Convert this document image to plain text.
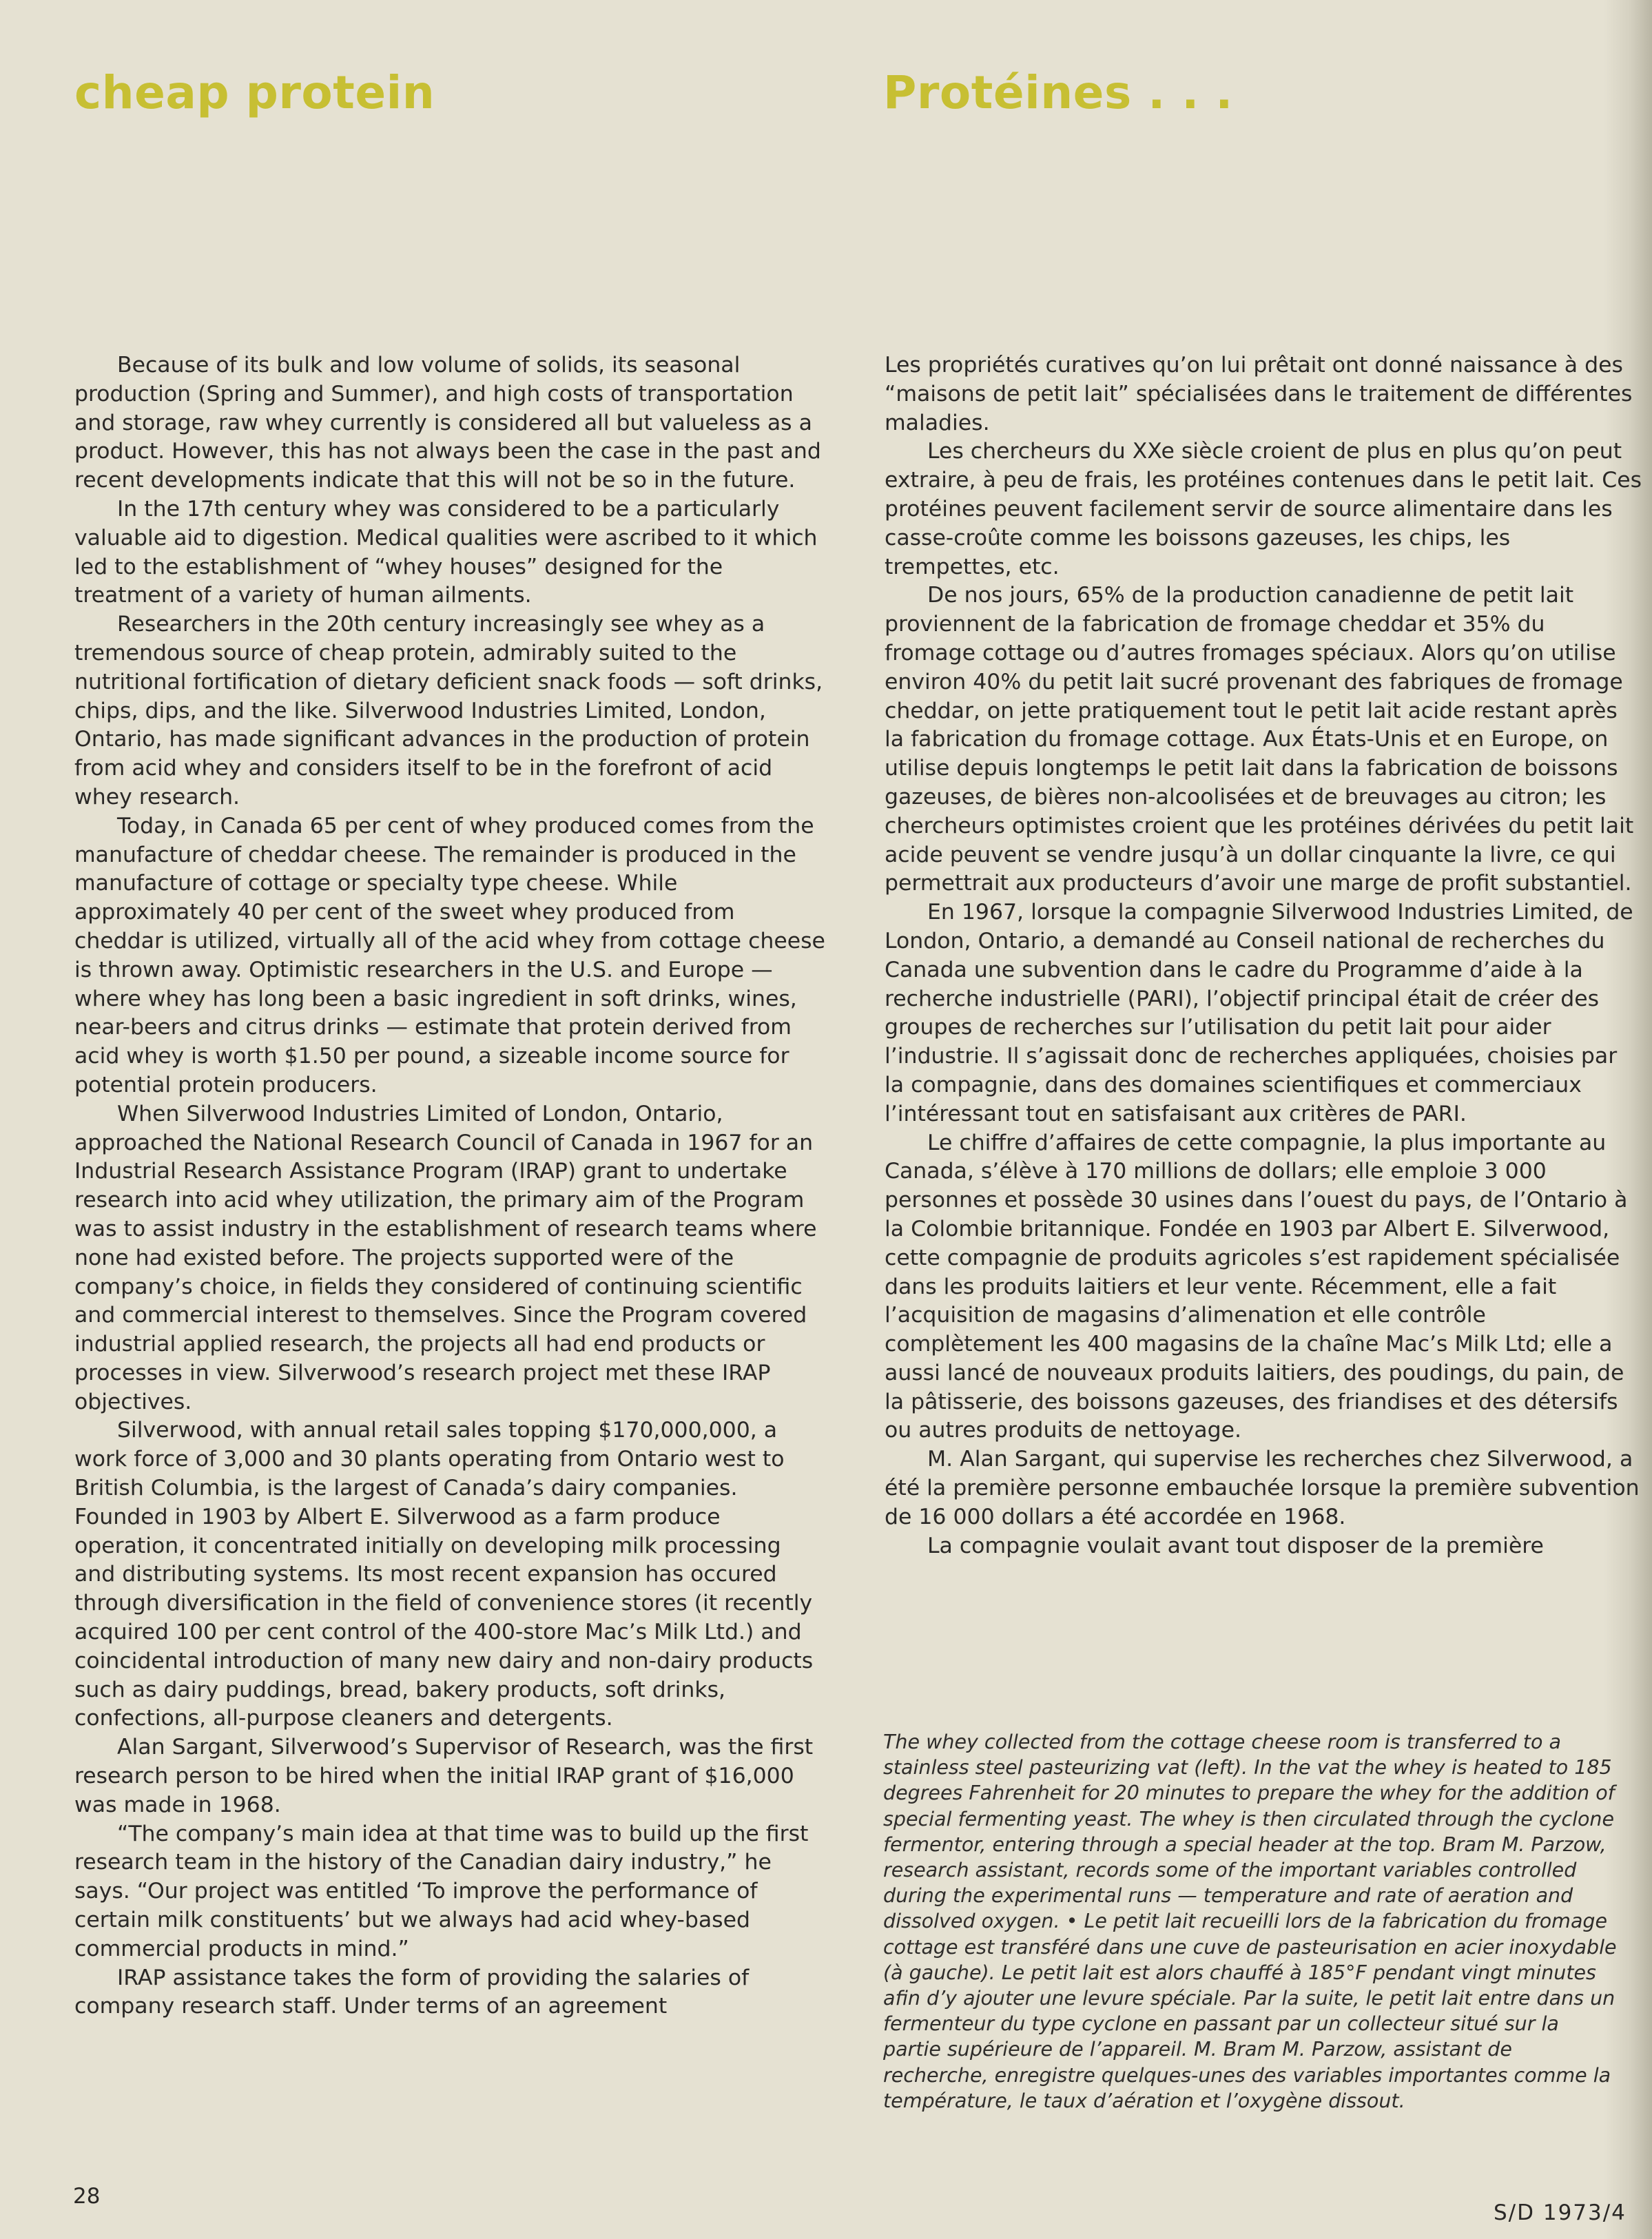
cheap protein	Protéines . . .

Because of its bulk and low volume of solids, its seasonal production (Spring and Summer), and high costs of transportation and storage, raw whey currently is considered all but valueless as a product. However, this has not always been the case in the past and recent developments indicate that this will not be so in the future.

In the 17th century whey was considered to be a particularly valuable aid to digestion. Medical qualities were ascribed to it which led to the establishment of “whey houses” designed for the treatment of a variety of human ailments.

Researchers in the 20th century increasingly see whey as a tremendous source of cheap protein, admirably suited to the nutritional fortification of dietary deficient snack foods — soft drinks, chips, dips, and the like. Silverwood Industries Limited, London, Ontario, has made significant advances in the production of protein from acid whey and considers itself to be in the forefront of acid whey research.

Today, in Canada 65 per cent of whey produced comes from the manufacture of cheddar cheese. The remainder is produced in the manufacture of cottage or specialty type cheese. While approximately 40 per cent of the sweet whey produced from cheddar is utilized, virtually all of the acid whey from cottage cheese is thrown away. Optimistic researchers in the U.S. and Europe — where whey has long been a basic ingredient in soft drinks, wines, near-beers and citrus drinks — estimate that protein derived from acid whey is worth $1.50 per pound, a sizeable income source for potential protein producers.

When Silverwood Industries Limited of London, Ontario, approached the National Research Council of Canada in 1967 for an Industrial Research Assistance Program (IRAP) grant to undertake research into acid whey utilization, the primary aim of the Program was to assist industry in the establishment of research teams where none had existed before. The projects supported were of the company’s choice, in fields they considered of continuing scientific and commercial interest to themselves. Since the Program covered industrial applied research, the projects all had end products or processes in view. Silverwood’s research project met these IRAP objectives.

Silverwood, with annual retail sales topping $170,000,000, a work force of 3,000 and 30 plants operating from Ontario west to British Columbia, is the largest of Canada’s dairy companies. Founded in 1903 by Albert E. Silverwood as a farm produce operation, it concentrated initially on developing milk processing and distributing systems. Its most recent expansion has occured through diversification in the field of convenience stores (it recently acquired 100 per cent control of the 400-store Mac’s Milk Ltd.) and coincidental introduction of many new dairy and non-dairy products such as dairy puddings, bread, bakery products, soft drinks, confections, all-purpose cleaners and detergents.

Alan Sargant, Silverwood’s Supervisor of Research, was the first research person to be hired when the initial IRAP grant of $16,000 was made in 1968.

“The company’s main idea at that time was to build up the first research team in the history of the Canadian dairy industry,” he says. “Our project was entitled ‘To improve the performance of certain milk constituents’ but we always had acid whey-based commercial products in mind.”

IRAP assistance takes the form of providing the salaries of company research staff. Under terms of an agreement

Les propriétés curatives qu’on lui prêtait ont donné naissance à des “maisons de petit lait” spécialisées dans le traitement de différentes maladies.

Les chercheurs du XXe siècle croient de plus en plus qu’on peut extraire, à peu de frais, les protéines contenues dans le petit lait. Ces protéines peuvent facilement servir de source alimentaire dans les casse-croûte comme les boissons gazeuses, les chips, les trempettes, etc.

De nos jours, 65% de la production canadienne de petit lait proviennent de la fabrication de fromage cheddar et 35% du fromage cottage ou d’autres fromages spéciaux. Alors qu’on utilise environ 40% du petit lait sucré provenant des fabriques de fromage cheddar, on jette pratiquement tout le petit lait acide restant après la fabrication du fromage cottage. Aux États-Unis et en Europe, on utilise depuis longtemps le petit lait dans la fabrication de boissons gazeuses, de bières non-alcoolisées et de breuvages au citron; les chercheurs optimistes croient que les protéines dérivées du petit lait acide peuvent se vendre jusqu’à un dollar cinquante la livre, ce qui permettrait aux producteurs d’avoir une marge de profit substantiel.

En 1967, lorsque la compagnie Silverwood Industries Limited, de London, Ontario, a demandé au Conseil national de recherches du Canada une subvention dans le cadre du Programme d’aide à la recherche industrielle (PARI), l’objectif principal était de créer des groupes de recherches sur l’utilisation du petit lait pour aider l’industrie. Il s’agissait donc de recherches appliquées, choisies par la compagnie, dans des domaines scientifiques et commerciaux l’intéressant tout en satisfaisant aux critères de PARI.

Le chiffre d’affaires de cette compagnie, la plus importante au Canada, s’élève à 170 millions de dollars; elle emploie 3 000 personnes et possède 30 usines dans l’ouest du pays, de l’Ontario à la Colombie britannique. Fondée en 1903 par Albert E. Silverwood, cette compagnie de produits agricoles s’est rapidement spécialisée dans les produits laitiers et leur vente. Récemment, elle a fait l’acquisition de magasins d’alimenation et elle contrôle complètement les 400 magasins de la chaîne Mac’s Milk Ltd; elle a aussi lancé de nouveaux produits laitiers, des poudings, du pain, de la pâtisserie, des boissons gazeuses, des friandises et des détersifs ou autres produits de nettoyage.

M. Alan Sargant, qui supervise les recherches chez Silverwood, a été la première personne embauchée lorsque la première subvention de 16 000 dollars a été accordée en 1968.

La compagnie voulait avant tout disposer de la première

The whey collected from the cottage cheese room is transferred to a stainless steel pasteurizing vat (left). In the vat the whey is heated to 185 degrees Fahrenheit for 20 minutes to prepare the whey for the addition of special fermenting yeast. The whey is then circulated through the cyclone fermentor, entering through a special header at the top. Bram M. Parzow, research assistant, records some of the important variables controlled during the experimental runs — temperature and rate of aeration and dissolved oxygen. • Le petit lait recueilli lors de la fabrication du fromage cottage est transféré dans une cuve de pasteurisation en acier inoxydable (à gauche). Le petit lait est alors chauffé à 185°F pendant vingt minutes afin d’y ajouter une levure spéciale. Par la suite, le petit lait entre dans un fermenteur du type cyclone en passant par un collecteur situé sur la partie supérieure de l’appareil. M. Bram M. Parzow, assistant de recherche, enregistre quelques-unes des variables importantes comme la température, le taux d’aération et l’oxygène dissout.

28

S/D 1973/4
